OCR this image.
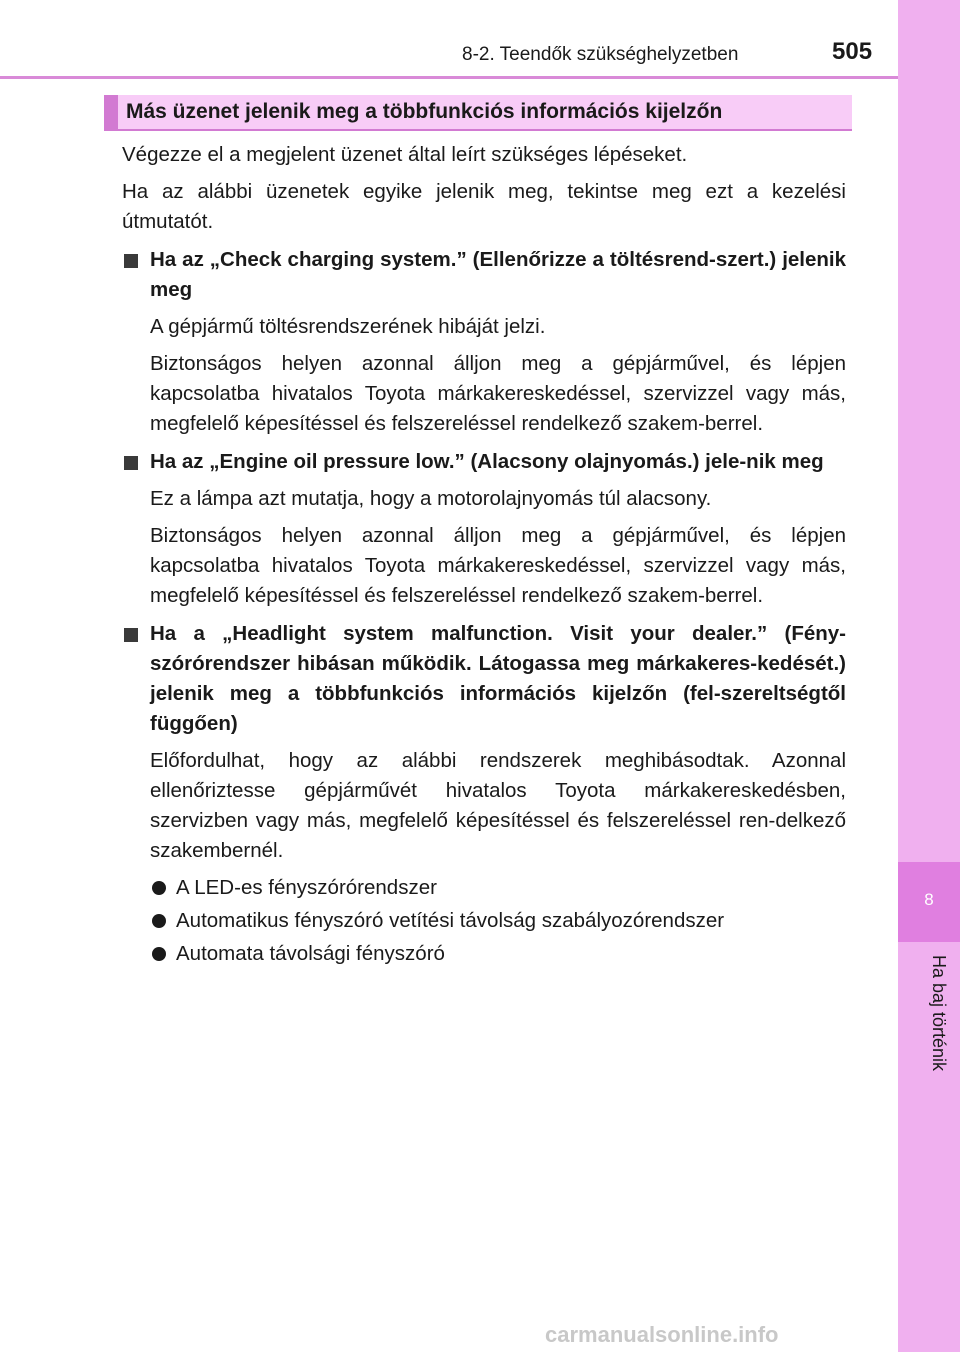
8-2. Teendők szükséghelyzetben	505
8
Ha baj történik
Más üzenet jelenik meg a többfunkciós információs kijelzőn

Végezze el a megjelent üzenet által leírt szükséges lépéseket.

Ha az alábbi üzenetek egyike jelenik meg, tekintse meg ezt a kezelési útmutatót.

Ha az „Check charging system.” (Ellenőrizze a töltésrend-szert.) jelenik meg

A gépjármű töltésrendszerének hibáját jelzi.

Biztonságos helyen azonnal álljon meg a gépjárművel, és lépjen kapcsolatba hivatalos Toyota márkakereskedéssel, szervizzel vagy más, megfelelő képesítéssel és felszereléssel rendelkező szakem-berrel.

Ha az „Engine oil pressure low.” (Alacsony olajnyomás.) jele-nik meg

Ez a lámpa azt mutatja, hogy a motorolajnyomás túl alacsony.

Biztonságos helyen azonnal álljon meg a gépjárművel, és lépjen kapcsolatba hivatalos Toyota márkakereskedéssel, szervizzel vagy más, megfelelő képesítéssel és felszereléssel rendelkező szakem-berrel.

Ha a „Headlight system malfunction. Visit your dealer.” (Fény-szórórendszer hibásan működik. Látogassa meg márkakeres-kedését.) jelenik meg a többfunkciós információs kijelzőn (fel-szereltségtől függően)

Előfordulhat, hogy az alábbi rendszerek meghibásodtak. Azonnal ellenőriztesse gépjárművét hivatalos Toyota márkakereskedésben, szervizben vagy más, megfelelő képesítéssel és felszereléssel ren-delkező szakembernél.

A LED-es fényszórórendszer
Automatikus fényszóró vetítési távolság szabályozórendszer
Automata távolsági fényszóró
carmanualsonline.info
